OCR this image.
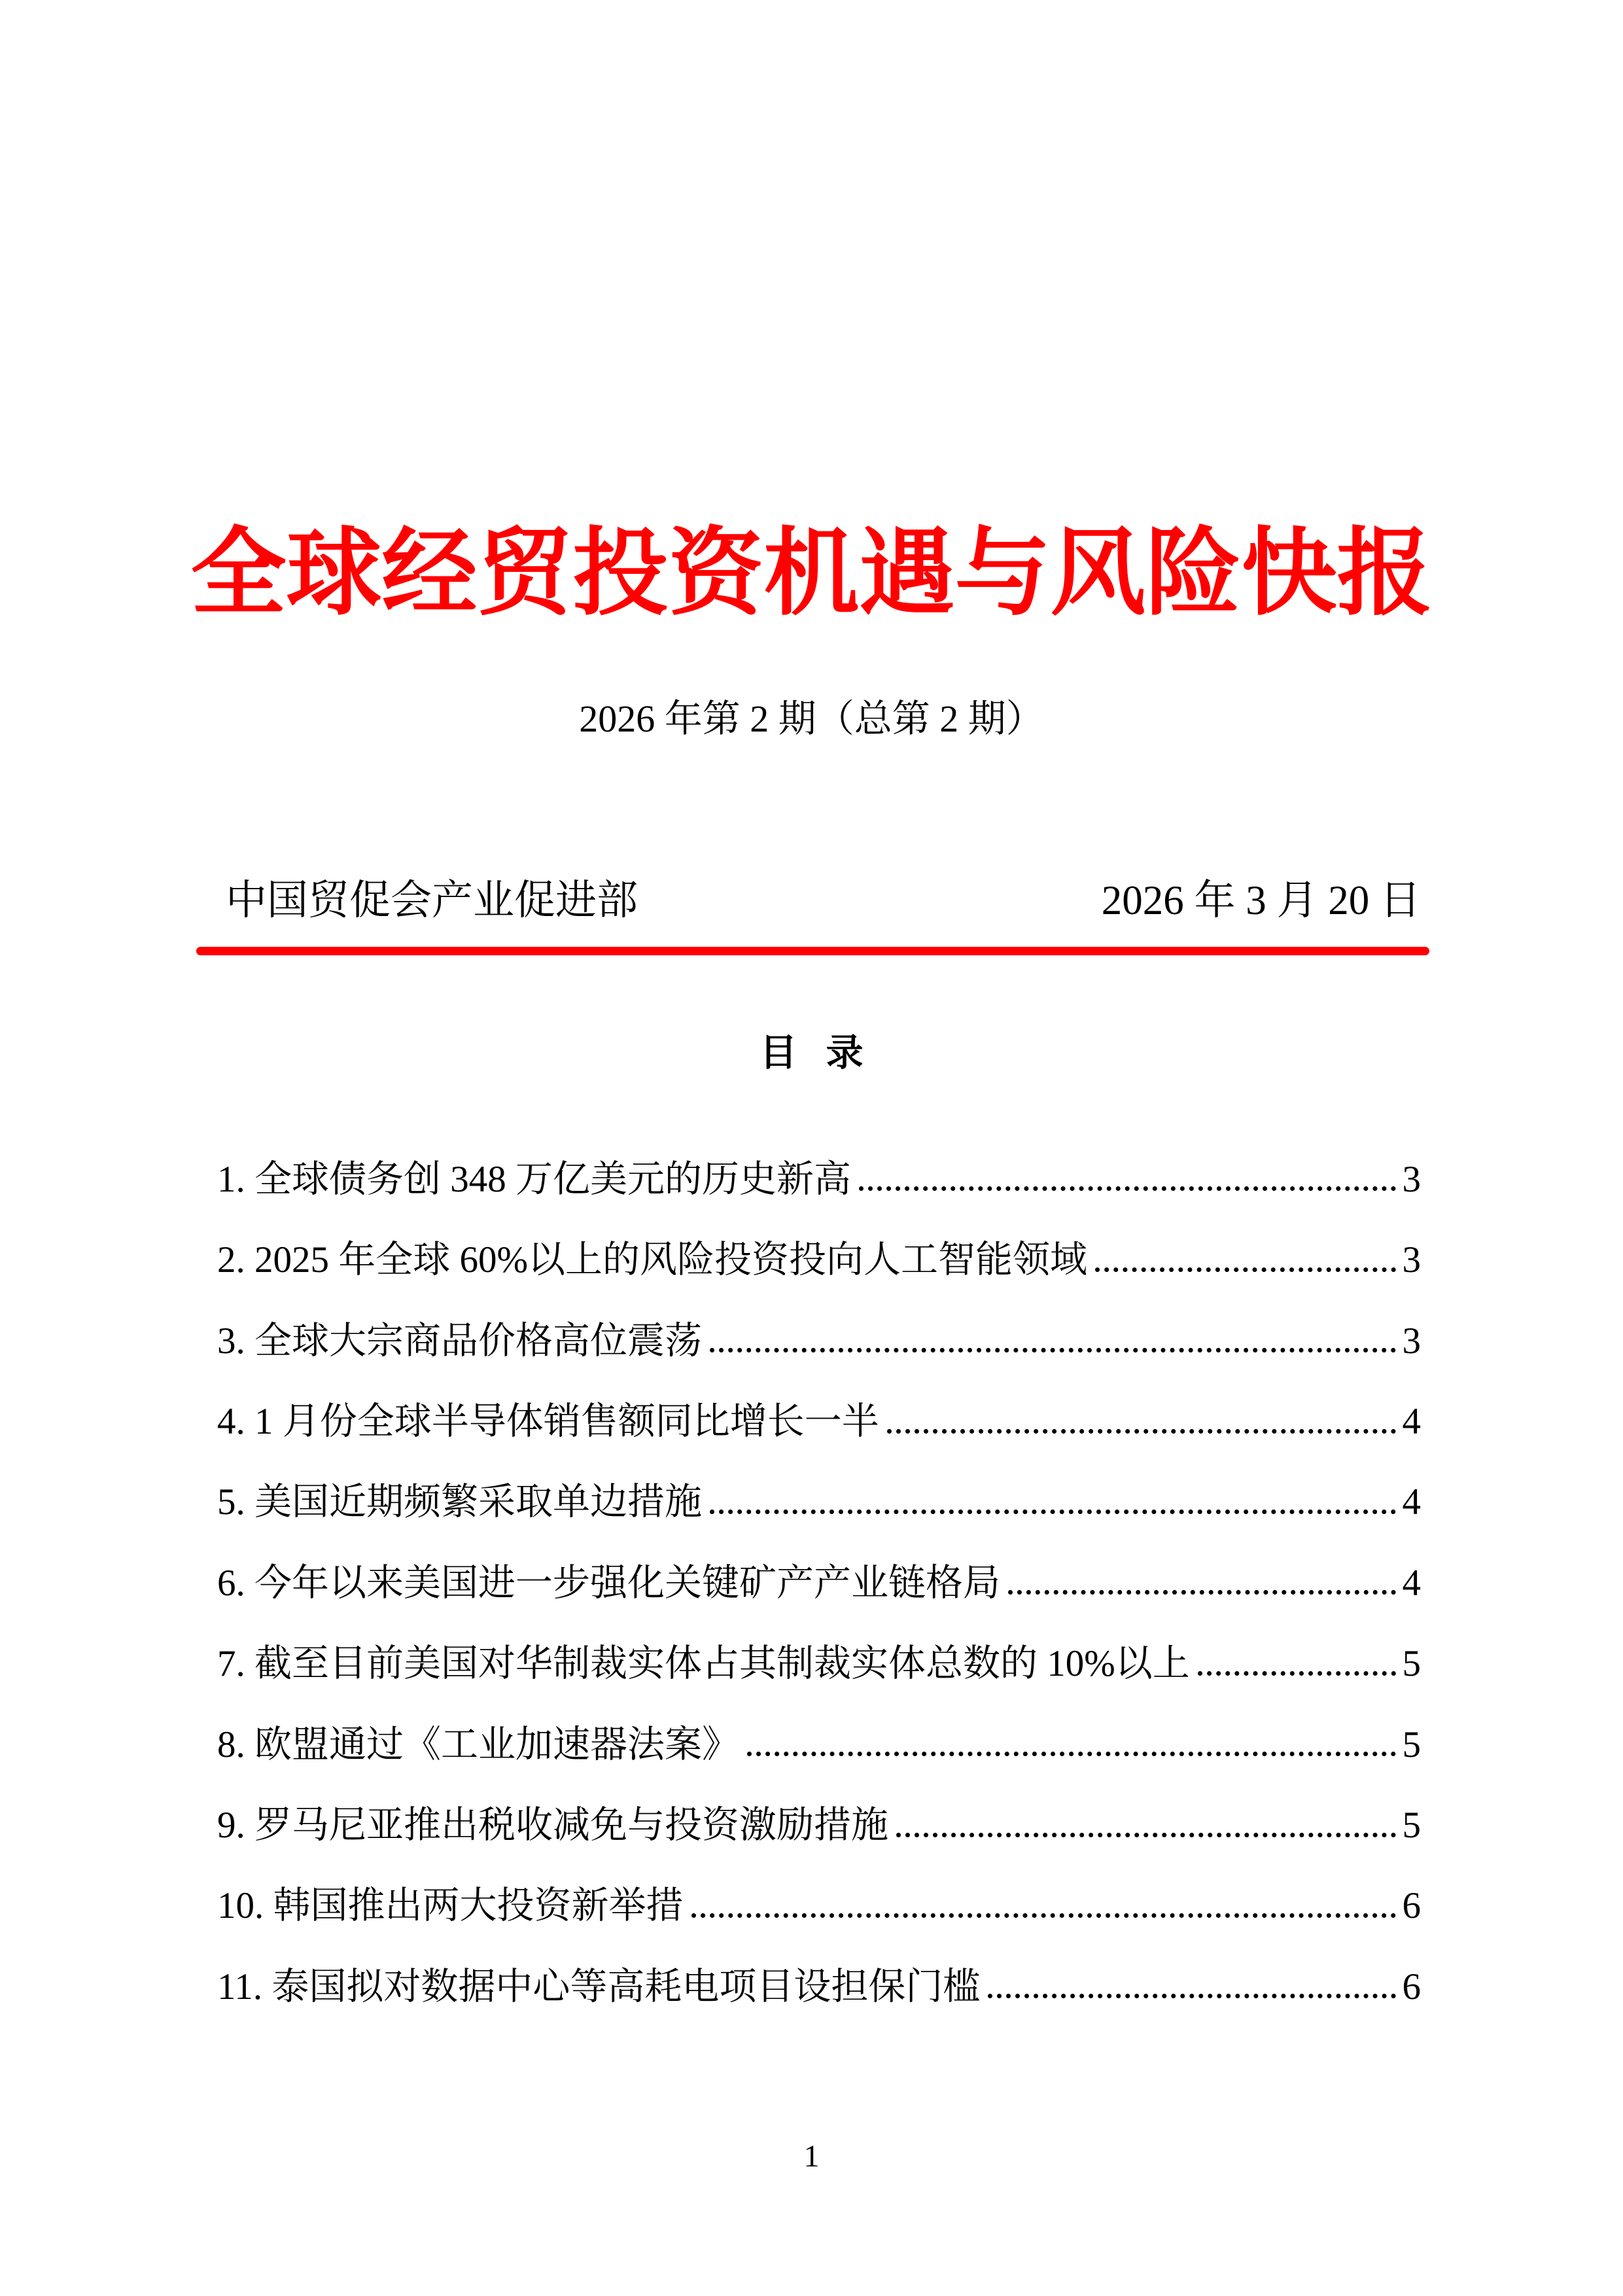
全球经贸投资机遇与风险快报
2026 年第 2 期（总第 2 期）
中国贸促会产业促进部	2026 年 3 月 20 日
目 录
1. 全球债务创 348 万亿美元的历史新高	3
2. 2025 年全球 60%以上的风险投资投向人工智能领域	3
3. 全球大宗商品价格高位震荡	3
4. 1 月份全球半导体销售额同比增长一半	4
5. 美国近期频繁采取单边措施	4
6. 今年以来美国进一步强化关键矿产产业链格局	4
7. 截至目前美国对华制裁实体占其制裁实体总数的 10%以上	5
8. 欧盟通过《工业加速器法案》	5
9. 罗马尼亚推出税收减免与投资激励措施	5
10. 韩国推出两大投资新举措	6
11. 泰国拟对数据中心等高耗电项目设担保门槛	6
1
